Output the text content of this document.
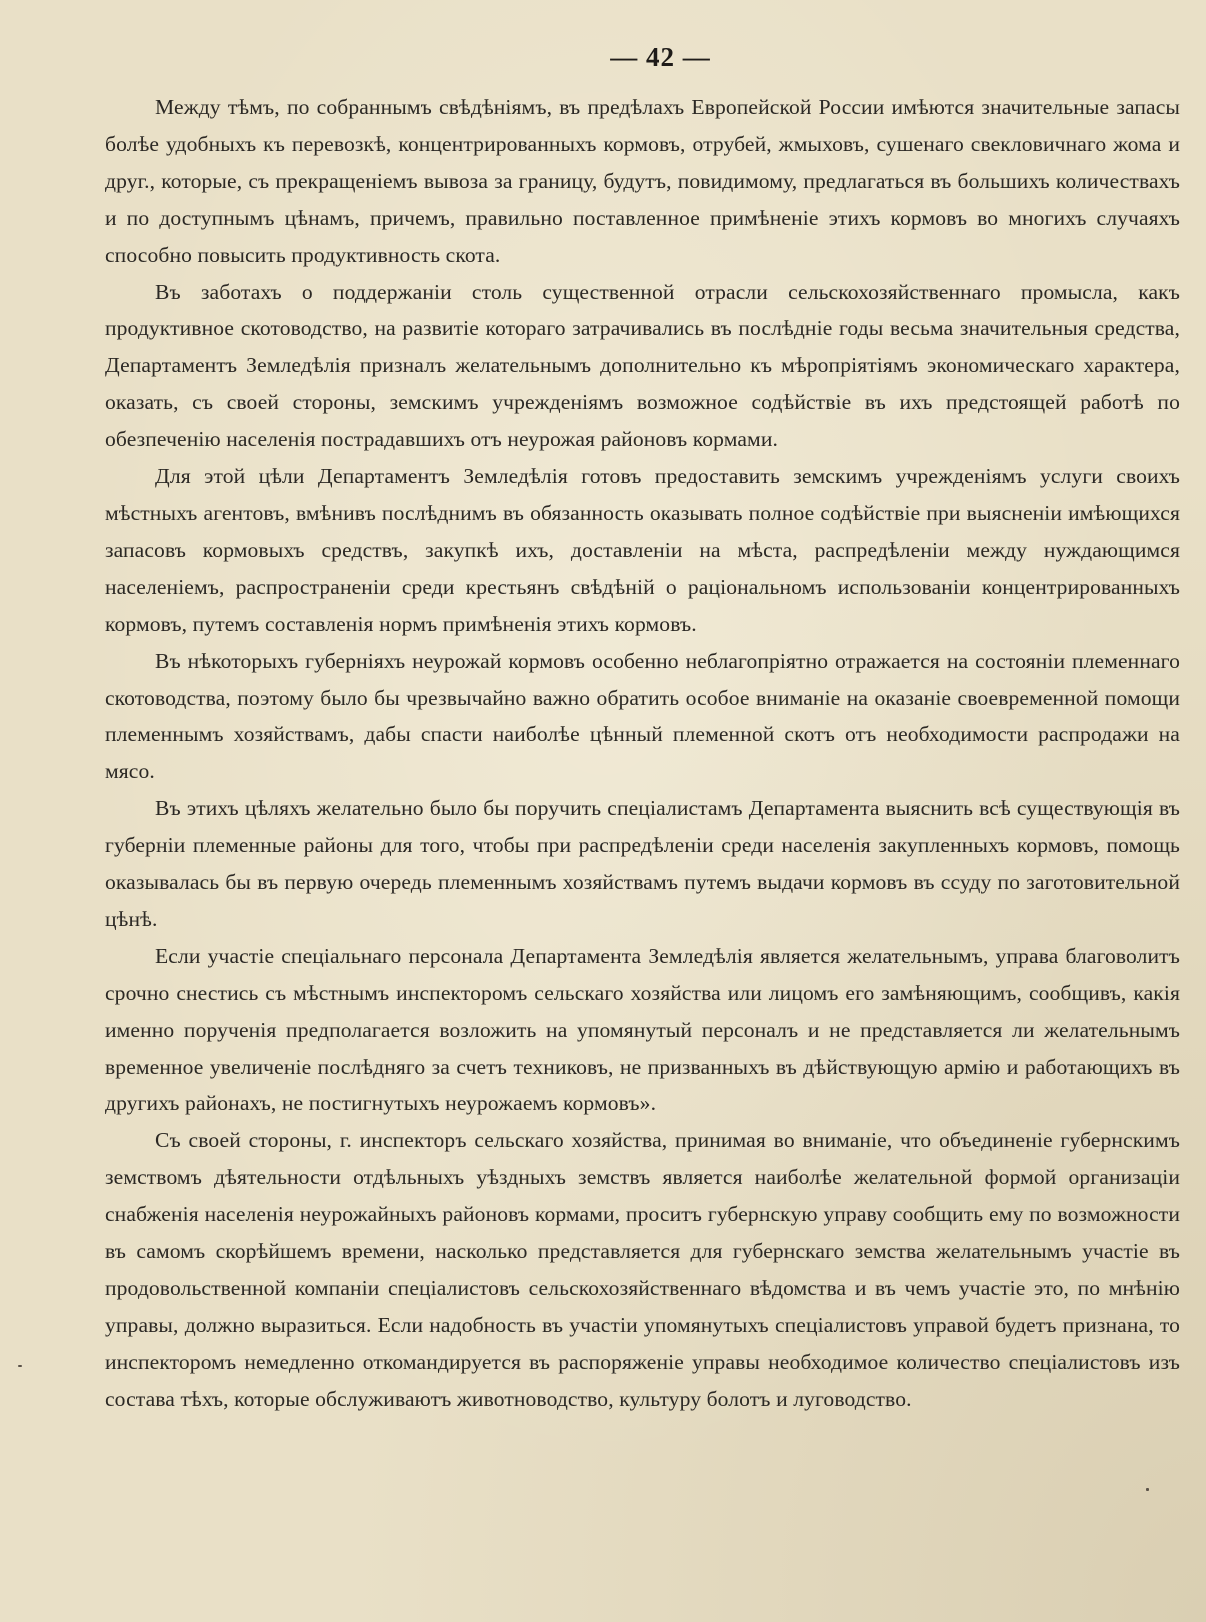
— 42 —

Между тѣмъ, по собраннымъ свѣдѣніямъ, въ предѣлахъ Европейской России имѣются значительные запасы болѣе удобныхъ къ перевозкѣ, концентрированныхъ кормовъ, отрубей, жмыховъ, сушенаго свекловичнаго жома и друг., которые, съ прекращеніемъ вывоза за границу, будутъ, повидимому, предлагаться въ большихъ количествахъ и по доступнымъ цѣнамъ, причемъ, правильно поставленное примѣненіе этихъ кормовъ во многихъ случаяхъ способно повысить продуктивность скота.

Въ заботахъ о поддержаніи столь существенной отрасли сельскохозяйственнаго промысла, какъ продуктивное скотоводство, на развитіе котораго затрачивались въ послѣдніе годы весьма значительныя средства, Департаментъ Земледѣлія призналъ желательнымъ дополнительно къ мѣропріятіямъ экономическаго характера, оказать, съ своей стороны, земскимъ учрежденіямъ возможное содѣйствіе въ ихъ предстоящей работѣ по обезпеченію населенія пострадавшихъ отъ неурожая районовъ кормами.

Для этой цѣли Департаментъ Земледѣлія готовъ предоставить земскимъ учрежденіямъ услуги своихъ мѣстныхъ агентовъ, вмѣнивъ послѣднимъ въ обязанность оказывать полное содѣйствіе при выясненіи имѣющихся запасовъ кормовыхъ средствъ, закупкѣ ихъ, доставленіи на мѣста, распредѣленіи между нуждающимся населеніемъ, распространеніи среди крестьянъ свѣдѣній о раціональномъ использованіи концентрированныхъ кормовъ, путемъ составленія нормъ примѣненія этихъ кормовъ.

Въ нѣкоторыхъ губерніяхъ неурожай кормовъ особенно неблагопріятно отражается на состояніи племеннаго скотоводства, поэтому было бы чрезвычайно важно обратить особое вниманіе на оказаніе своевременной помощи племеннымъ хозяйствамъ, дабы спасти наиболѣе цѣнный племенной скотъ отъ необходимости распродажи на мясо.

Въ этихъ цѣляхъ желательно было бы поручить спеціалистамъ Департамента выяснить всѣ существующія въ губерніи племенные районы для того, чтобы при распредѣленіи среди населенія закупленныхъ кормовъ, помощь оказывалась бы въ первую очередь племеннымъ хозяйствамъ путемъ выдачи кормовъ въ ссуду по заготовительной цѣнѣ.

Если участіе спеціальнаго персонала Департамента Земледѣлія является желательнымъ, управа благоволитъ срочно снестись съ мѣстнымъ инспекторомъ сельскаго хозяйства или лицомъ его замѣняющимъ, сообщивъ, какія именно порученія предполагается возложить на упомянутый персоналъ и не представляется ли желательнымъ временное увеличеніе послѣдняго за счетъ техниковъ, не призванныхъ въ дѣйствующую армію и работающихъ въ другихъ районахъ, не постигнутыхъ неурожаемъ кормовъ».

Съ своей стороны, г. инспекторъ сельскаго хозяйства, принимая во вниманіе, что объединеніе губернскимъ земствомъ дѣятельности отдѣльныхъ уѣздныхъ земствъ является наиболѣе желательной формой организаціи снабженія населенія неурожайныхъ районовъ кормами, проситъ губернскую управу сообщить ему по возможности въ самомъ скорѣйшемъ времени, насколько представляется для губернскаго земства желательнымъ участіе въ продовольственной компаніи спеціалистовъ сельскохозяйственнаго вѣдомства и въ чемъ участіе это, по мнѣнію управы, должно выразиться. Если надобность въ участіи упомянутыхъ спеціалистовъ управой будетъ признана, то инспекторомъ немедленно откомандируется въ распоряженіе управы необходимое количество спеціалистовъ изъ состава тѣхъ, которые обслуживаютъ животноводство, культуру болотъ и луговодство.
